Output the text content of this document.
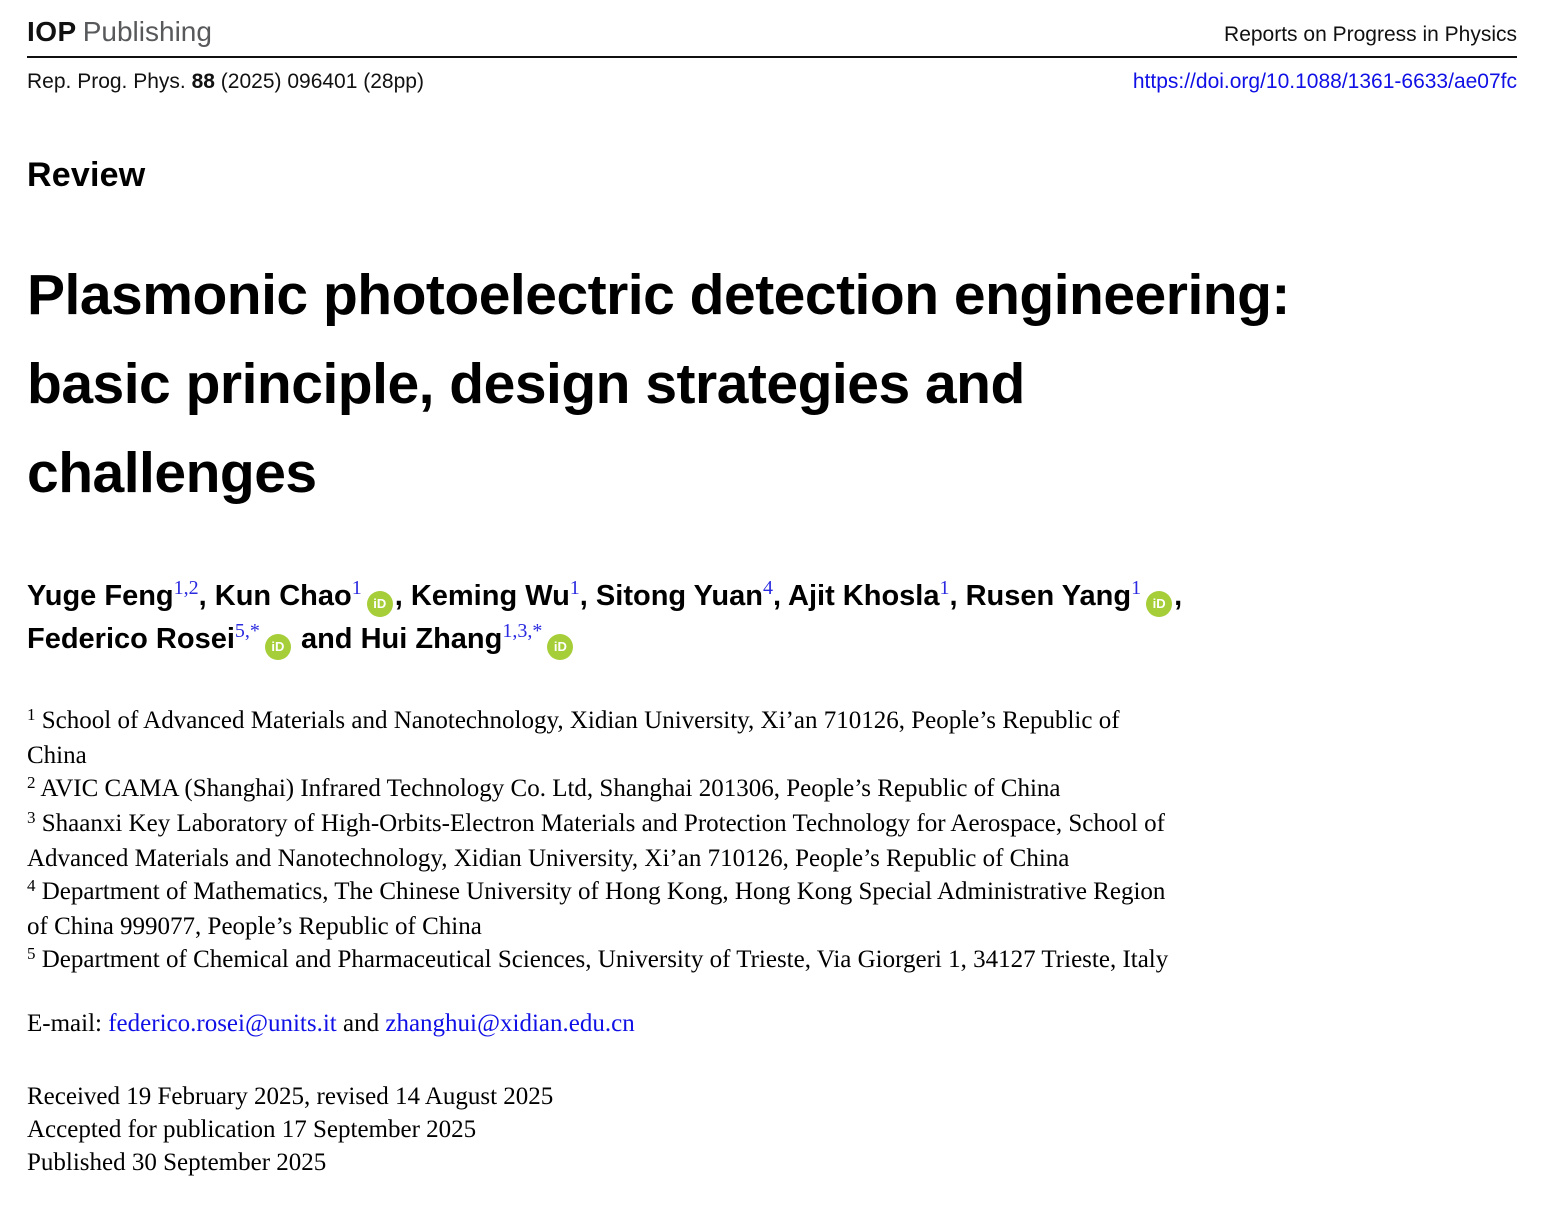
IOP Publishing	Reports on Progress in Physics
Rep. Prog. Phys. 88 (2025) 096401 (28pp)	https://doi.org/10.1088/1361-6633/ae07fc
Review
Plasmonic photoelectric detection engineering: basic principle, design strategies and challenges
Yuge Feng$^{1,2}$, Kun Chao$^1$iD , Keming Wu$^1$, Sitong Yuan$^4$, Ajit Khosla$^1$, Rusen Yang$^1$iD ,
Federico Rosei$^{5,*}$iD and Hui Zhang$^{1,3,*}$iD
$^1$ School of Advanced Materials and Nanotechnology, Xidian University, Xi’an 710126, People’s Republic of China
$^2$ AVIC CAMA (Shanghai) Infrared Technology Co. Ltd, Shanghai 201306, People’s Republic of China
$^3$ Shaanxi Key Laboratory of High-Orbits-Electron Materials and Protection Technology for Aerospace, School of Advanced Materials and Nanotechnology, Xidian University, Xi’an 710126, People’s Republic of China
$^4$ Department of Mathematics, The Chinese University of Hong Kong, Hong Kong Special Administrative Region of China 999077, People’s Republic of China
$^5$ Department of Chemical and Pharmaceutical Sciences, University of Trieste, Via Giorgeri 1, 34127 Trieste, Italy
E-mail: federico.rosei@units.it and zhanghui@xidian.edu.cn
Received 19 February 2025, revised 14 August 2025
Accepted for publication 17 September 2025
Published 30 September 2025
